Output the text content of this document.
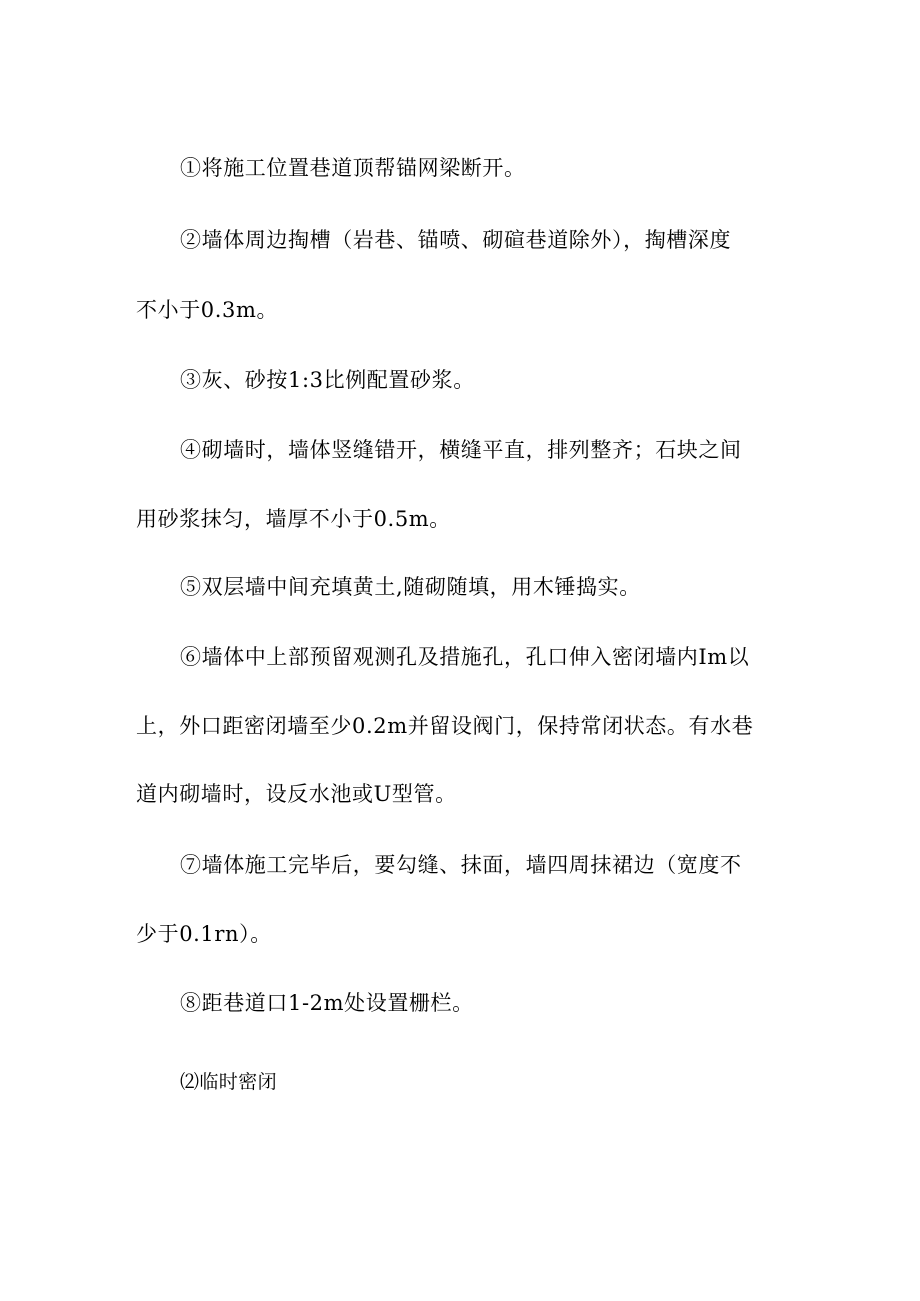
①将施工位置巷道顶帮锚网梁断开。
②墙体周边掏槽（岩巷、锚喷、砌碹巷道除外），掏槽深度
不小于0.3m。
③灰、砂按1:3比例配置砂浆。
④砌墙时，墙体竖缝错开，横缝平直，排列整齐；石块之间
用砂浆抹匀，墙厚不小于0.5m。
⑤双层墙中间充填黄土,随砌随填，用木锤捣实。
⑥墙体中上部预留观测孔及措施孔，孔口伸入密闭墙内Im以
上，外口距密闭墙至少0.2m并留设阀门，保持常闭状态。有水巷
道内砌墙时，设反水池或U型管。
⑦墙体施工完毕后，要勾缝、抹面，墙四周抹裙边（宽度不
少于0.1rn）。
⑧距巷道口1-2m处设置栅栏。
⑵临时密闭
